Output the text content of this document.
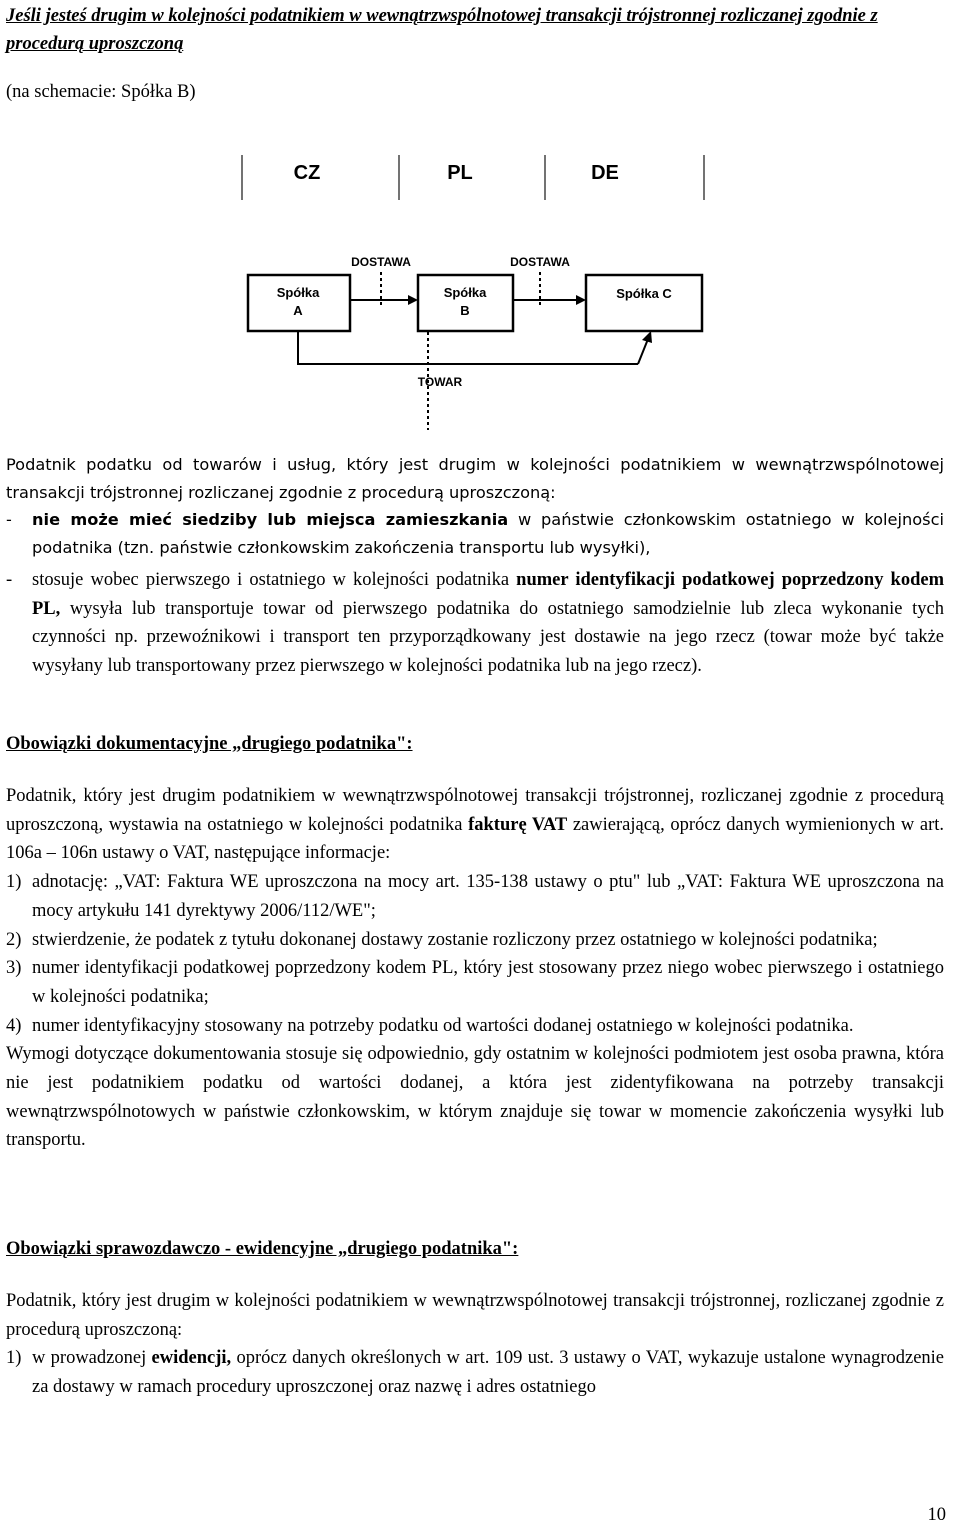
Jeśli jesteś drugim w kolejności podatnikiem w wewnątrzwspólnotowej transakcji trójstronnej rozliczanej zgodnie z procedurą uproszczoną
(na schemacie: Spółka B)
CZ	PL	DE
DOSTAWA	DOSTAWA
Spółka
A
Spółka
B
Spółka C
TOWAR
Podatnik podatku od towarów i usług, który jest drugim w kolejności podatnikiem w wewnątrzwspólnotowej transakcji trójstronnej rozliczanej zgodnie z procedurą uproszczoną:
- nie może mieć siedziby lub miejsca zamieszkania w państwie członkowskim ostatniego w kolejności podatnika (tzn. państwie członkowskim zakończenia transportu lub wysyłki),
- stosuje wobec pierwszego i ostatniego w kolejności podatnika numer identyfikacji podatkowej poprzedzony kodem PL, wysyła lub transportuje towar od pierwszego podatnika do ostatniego samodzielnie lub zleca wykonanie tych czynności np. przewoźnikowi i transport ten przyporządkowany jest dostawie na jego rzecz (towar może być także wysyłany lub transportowany przez pierwszego w kolejności podatnika lub na jego rzecz).
Obowiązki dokumentacyjne „drugiego podatnika":
Podatnik, który jest drugim podatnikiem w wewnątrzwspólnotowej transakcji trójstronnej, rozliczanej zgodnie z procedurą uproszczoną, wystawia na ostatniego w kolejności podatnika fakturę VAT zawierającą, oprócz danych wymienionych w art. 106a – 106n ustawy o VAT, następujące informacje:
1) adnotację: „VAT: Faktura WE uproszczona na mocy art. 135-138 ustawy o ptu" lub „VAT: Faktura WE uproszczona na mocy artykułu 141 dyrektywy 2006/112/WE";
2) stwierdzenie, że podatek z tytułu dokonanej dostawy zostanie rozliczony przez ostatniego w kolejności podatnika;
3) numer identyfikacji podatkowej poprzedzony kodem PL, który jest stosowany przez niego wobec pierwszego i ostatniego w kolejności podatnika;
4) numer identyfikacyjny stosowany na potrzeby podatku od wartości dodanej ostatniego w kolejności podatnika.
Wymogi dotyczące dokumentowania stosuje się odpowiednio, gdy ostatnim w kolejności podmiotem jest osoba prawna, która nie jest podatnikiem podatku od wartości dodanej, a która jest zidentyfikowana na potrzeby transakcji wewnątrzwspólnotowych w państwie członkowskim, w którym znajduje się towar w momencie zakończenia wysyłki lub transportu.
Obowiązki sprawozdawczo - ewidencyjne „drugiego podatnika":
Podatnik, który jest drugim w kolejności podatnikiem w wewnątrzwspólnotowej transakcji trójstronnej, rozliczanej zgodnie z procedurą uproszczoną:
1) w prowadzonej ewidencji, oprócz danych określonych w art. 109 ust. 3 ustawy o VAT, wykazuje ustalone wynagrodzenie za dostawy w ramach procedury uproszczonej oraz nazwę i adres ostatniego
10
